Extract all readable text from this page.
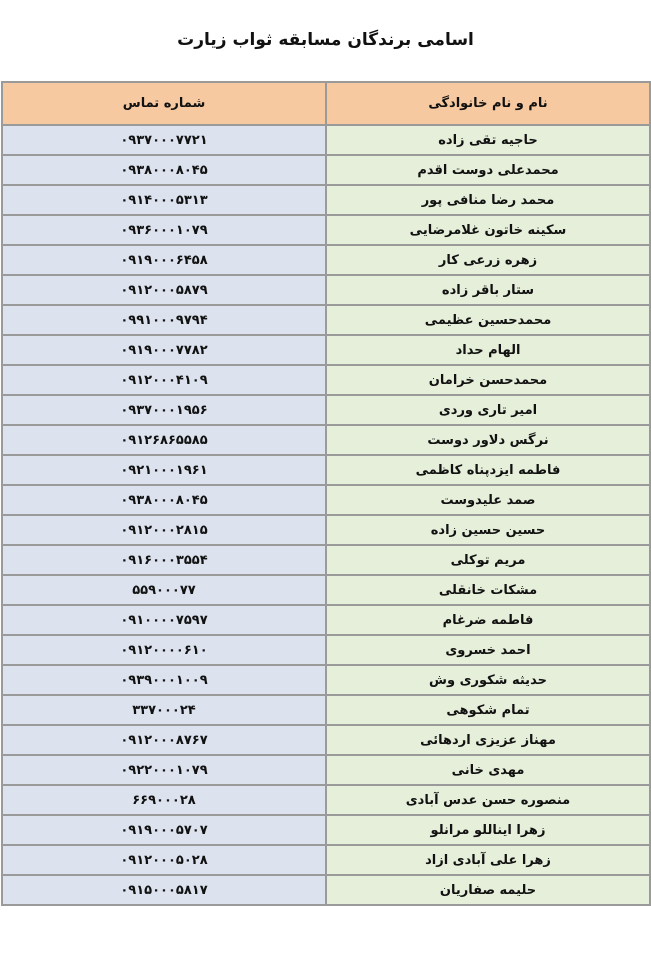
اسامی برندگان مسابقه ثواب زیارت
نام و نام خانوادگی	شماره تماس
حاجیه تقی زاده	۰۹۳۷۰۰۰۷۷۲۱
محمدعلی دوست اقدم	۰۹۳۸۰۰۰۸۰۴۵
محمد رضا منافی پور	۰۹۱۴۰۰۰۵۳۱۳
سکینه خاتون غلامرضایی	۰۹۳۶۰۰۰۱۰۷۹
زهره زرعی کار	۰۹۱۹۰۰۰۶۴۵۸
ستار باقر زاده	۰۹۱۲۰۰۰۵۸۷۹
محمدحسین عظیمی	۰۹۹۱۰۰۰۹۷۹۴
الهام حداد	۰۹۱۹۰۰۰۷۷۸۲
محمدحسن خرامان	۰۹۱۲۰۰۰۴۱۰۹
امیر تاری وردی	۰۹۳۷۰۰۰۱۹۵۶
نرگس دلاور دوست	۰۹۱۲۶۸۶۵۵۸۵
فاطمه ایزدپناه کاظمی	۰۹۲۱۰۰۰۱۹۶۱
صمد علیدوست	۰۹۳۸۰۰۰۸۰۴۵
حسین حسین زاده	۰۹۱۲۰۰۰۲۸۱۵
مریم توکلی	۰۹۱۶۰۰۰۳۵۵۴
مشکات خانقلی	۵۵۹۰۰۰۷۷
فاطمه ضرغام	۰۹۱۰۰۰۰۷۵۹۷
احمد خسروی	۰۹۱۲۰۰۰۰۶۱۰
حدیثه شکوری وش	۰۹۳۹۰۰۰۱۰۰۹
تمام شکوهی	۳۳۷۰۰۰۲۴
مهناز عزیزی اردهائی	۰۹۱۲۰۰۰۸۷۶۷
مهدی خانی	۰۹۲۲۰۰۰۱۰۷۹
منصوره حسن عدس آبادی	۶۶۹۰۰۰۲۸
زهرا ایناللو مرانلو	۰۹۱۹۰۰۰۵۷۰۷
زهرا علی آبادی ازاد	۰۹۱۲۰۰۰۵۰۲۸
حلیمه صفاریان	۰۹۱۵۰۰۰۵۸۱۷
